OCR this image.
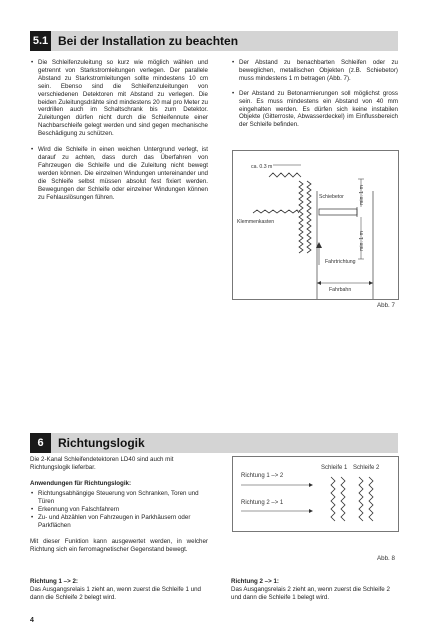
5.1 Bei der Installation zu beachten
• Die Schleifenzuleitung so kurz wie möglich wählen und getrennt von Starkstromleitungen verlegen. Der parallele Abstand zu Starkstromleitungen sollte mindestens 10 cm sein. Ebenso sind die Schleifenzuleitungen von verschiedenen Detektoren mit Abstand zu verlegen. Die beiden Zuleitungsdrähte sind mindestens 20 mal pro Meter zu verdrillen auch im Schaltschrank bis zum Detektor. Zuleitungen dürfen nicht durch die Schleifennute einer Nachbarschleife gelegt werden und sind gegen mechanische Beschädigung zu schützen.
• Wird die Schleife in einen weichen Untergrund verlegt, ist darauf zu achten, dass durch das Überfahren von Fahrzeugen die Schleife und die Zuleitung nicht bewegt werden können. Die einzelnen Windungen untereinander und die Schleife selbst müssen absolut fest fixiert werden. Bewegungen der Schleife oder einzelner Windungen können zu Fehlauslösungen führen.
• Der Abstand zu benachbarten Schleifen oder zu beweglichen, metallischen Objekten (z.B. Schiebetor) muss mindestens 1 m betragen (Abb. 7).
• Der Abstand zu Betonarmierungen soll möglichst gross sein. Es muss mindestens ein Abstand von 40 mm eingehalten werden. Es dürfen sich keine instabilen Objekte (Gitterroste, Abwasserdeckel) im Einflussbereich der Schleife befinden.
ca. 0.3 m
Schiebetor
Klemmenkasten
min. 1 m
min. 1 m
Fahrtrichtung
Fahrbahn
Abb. 7
6	Richtungslogik

Die 2-Kanal Schleifendetektoren LD40 sind auch mit Richtungslogik lieferbar.

Anwendungen für Richtungslogik:
• Richtungsabhängige Steuerung von Schranken, Toren und Türen
• Erkennung von Falschfahrern
• Zu- und Abzählen von Fahrzeugen in Parkhäusern oder Parkflächen

Mit dieser Funktion kann ausgewertet werden, in welcher Richtung sich ein ferromagnetischer Gegenstand bewegt.

Schleife 1 Schleife 2
Richtung 1 –> 2
Richtung 2 –> 1
Abb. 8
Richtung 1 –> 2:
Das Ausgangsrelais 1 zieht an, wenn zuerst die Schleife 1 und dann die Schleife 2 belegt wird.
Richtung 2 –> 1:
Das Ausgangsrelais 2 zieht an, wenn zuerst die Schleife 2 und dann die Schleife 1 belegt wird.
4
